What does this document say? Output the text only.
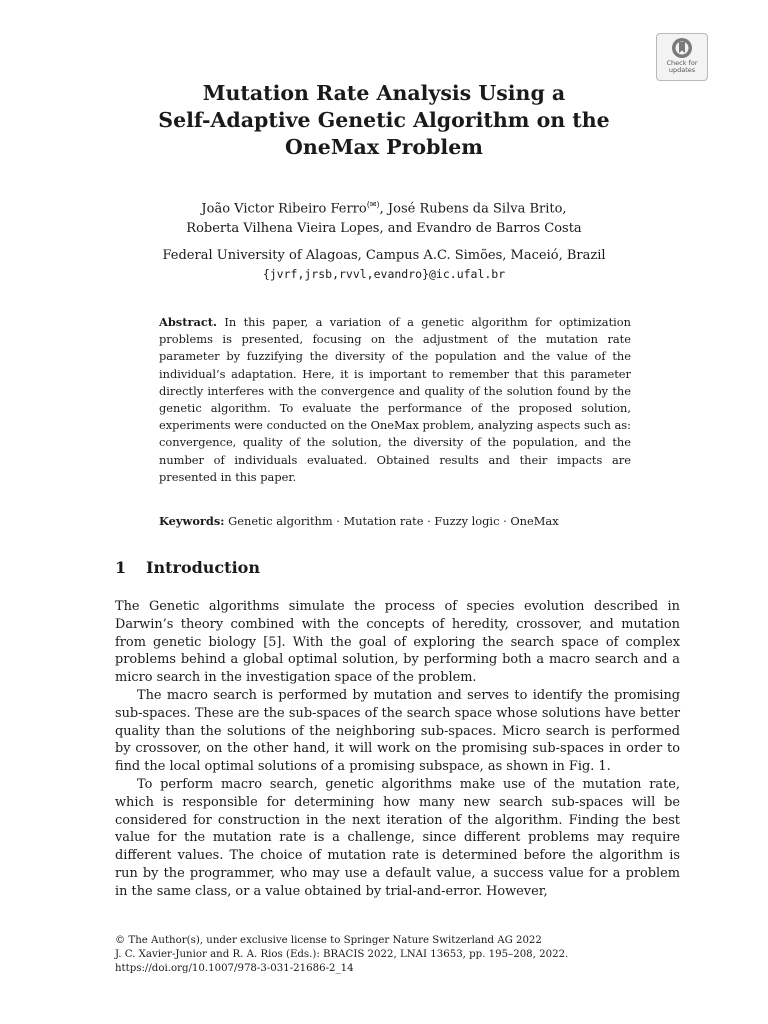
Check for
updates
Mutation Rate Analysis Using a
Self-Adaptive Genetic Algorithm on the
OneMax Problem
João Victor Ribeiro Ferro(✉), José Rubens da Silva Brito,
Roberta Vilhena Vieira Lopes, and Evandro de Barros Costa
Federal University of Alagoas, Campus A.C. Simões, Maceió, Brazil
{jvrf,jrsb,rvvl,evandro}@ic.ufal.br

Abstract. In this paper, a variation of a genetic algorithm for optimization problems is presented, focusing on the adjustment of the mutation rate parameter by fuzzifying the diversity of the population and the value of the individual’s adaptation. Here, it is important to remember that this parameter directly interferes with the convergence and quality of the solution found by the genetic algorithm. To evaluate the performance of the proposed solution, experiments were conducted on the OneMax problem, analyzing aspects such as: convergence, quality of the solution, the diversity of the population, and the number of individuals evaluated. Obtained results and their impacts are presented in this paper.

Keywords: Genetic algorithm · Mutation rate · Fuzzy logic · OneMax
1 Introduction

The Genetic algorithms simulate the process of species evolution described in Darwin’s theory combined with the concepts of heredity, crossover, and mutation from genetic biology [5]. With the goal of exploring the search space of complex problems behind a global optimal solution, by performing both a macro search and a micro search in the investigation space of the problem.

The macro search is performed by mutation and serves to identify the promising sub-spaces. These are the sub-spaces of the search space whose solutions have better quality than the solutions of the neighboring sub-spaces. Micro search is performed by crossover, on the other hand, it will work on the promising sub-spaces in order to find the local optimal solutions of a promising subspace, as shown in Fig. 1.

To perform macro search, genetic algorithms make use of the mutation rate, which is responsible for determining how many new search sub-spaces will be considered for construction in the next iteration of the algorithm. Finding the best value for the mutation rate is a challenge, since different problems may require different values. The choice of mutation rate is determined before the algorithm is run by the programmer, who may use a default value, a success value for a problem in the same class, or a value obtained by trial-and-error. However,

© The Author(s), under exclusive license to Springer Nature Switzerland AG 2022
J. C. Xavier-Junior and R. A. Rios (Eds.): BRACIS 2022, LNAI 13653, pp. 195–208, 2022.
https://doi.org/10.1007/978-3-031-21686-2_14
